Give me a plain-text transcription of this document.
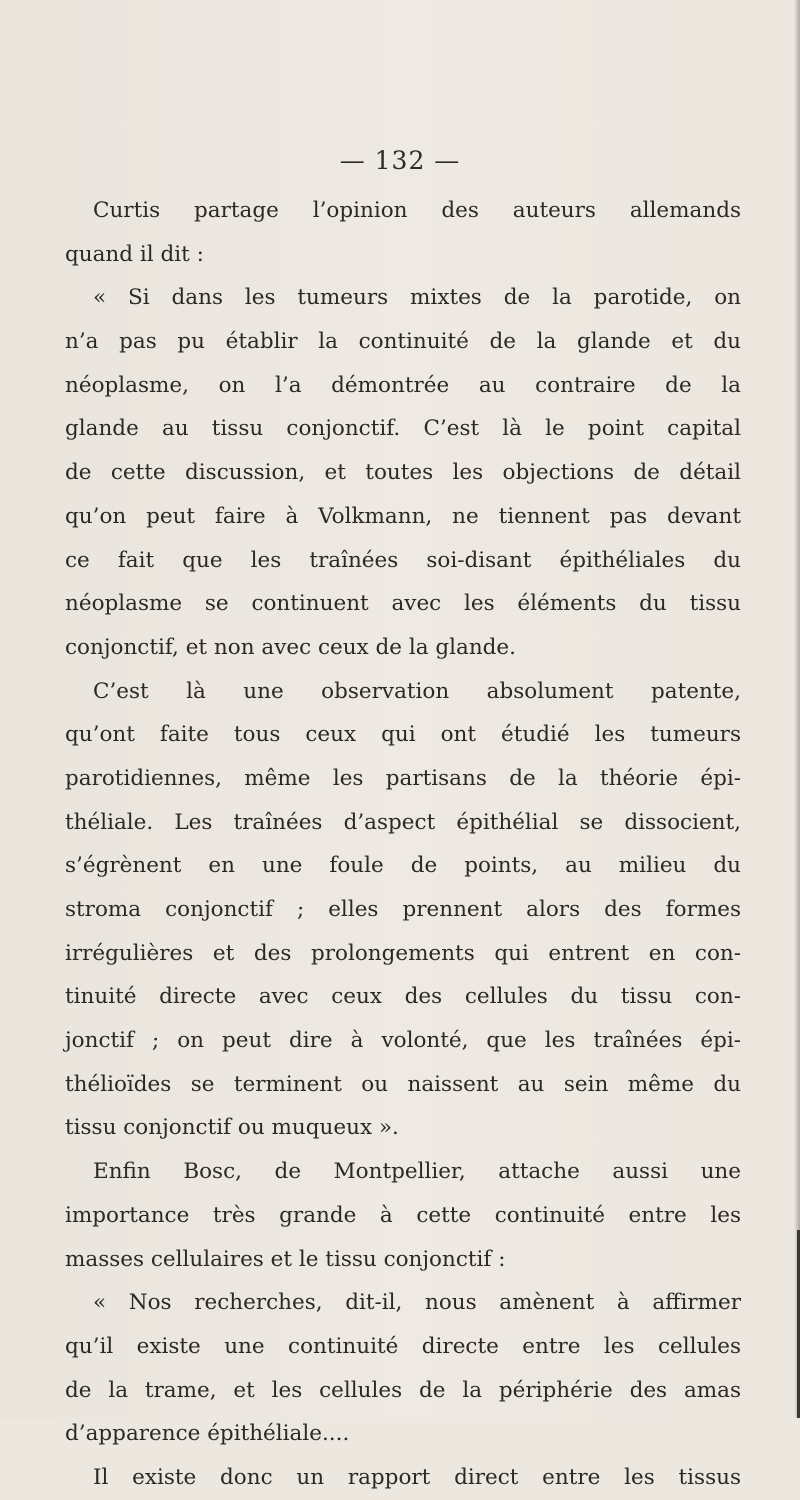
— 132 —
Curtis partage l’opinion des auteurs allemands
quand il dit :
« Si dans les tumeurs mixtes de la parotide, on
n’a pas pu établir la continuité de la glande et du
néoplasme, on l’a démontrée au contraire de la
glande au tissu conjonctif. C’est là le point capital
de cette discussion, et toutes les objections de détail
qu’on peut faire à Volkmann, ne tiennent pas devant
ce fait que les traînées soi-disant épithéliales du
néoplasme se continuent avec les éléments du tissu
conjonctif, et non avec ceux de la glande.
C’est là une observation absolument patente,
qu’ont faite tous ceux qui ont étudié les tumeurs
parotidiennes, même les partisans de la théorie épi-
théliale. Les traînées d’aspect épithélial se dissocient,
s’égrènent en une foule de points, au milieu du
stroma conjonctif ; elles prennent alors des formes
irrégulières et des prolongements qui entrent en con-
tinuité directe avec ceux des cellules du tissu con-
jonctif ; on peut dire à volonté, que les traînées épi-
thélioïdes se terminent ou naissent au sein même du
tissu conjonctif ou muqueux ».
Enfin Bosc, de Montpellier, attache aussi une
importance très grande à cette continuité entre les
masses cellulaires et le tissu conjonctif :
« Nos recherches, dit-il, nous amènent à affirmer
qu’il existe une continuité directe entre les cellules
de la trame, et les cellules de la périphérie des amas
d’apparence épithéliale....
Il existe donc un rapport direct entre les tissus
